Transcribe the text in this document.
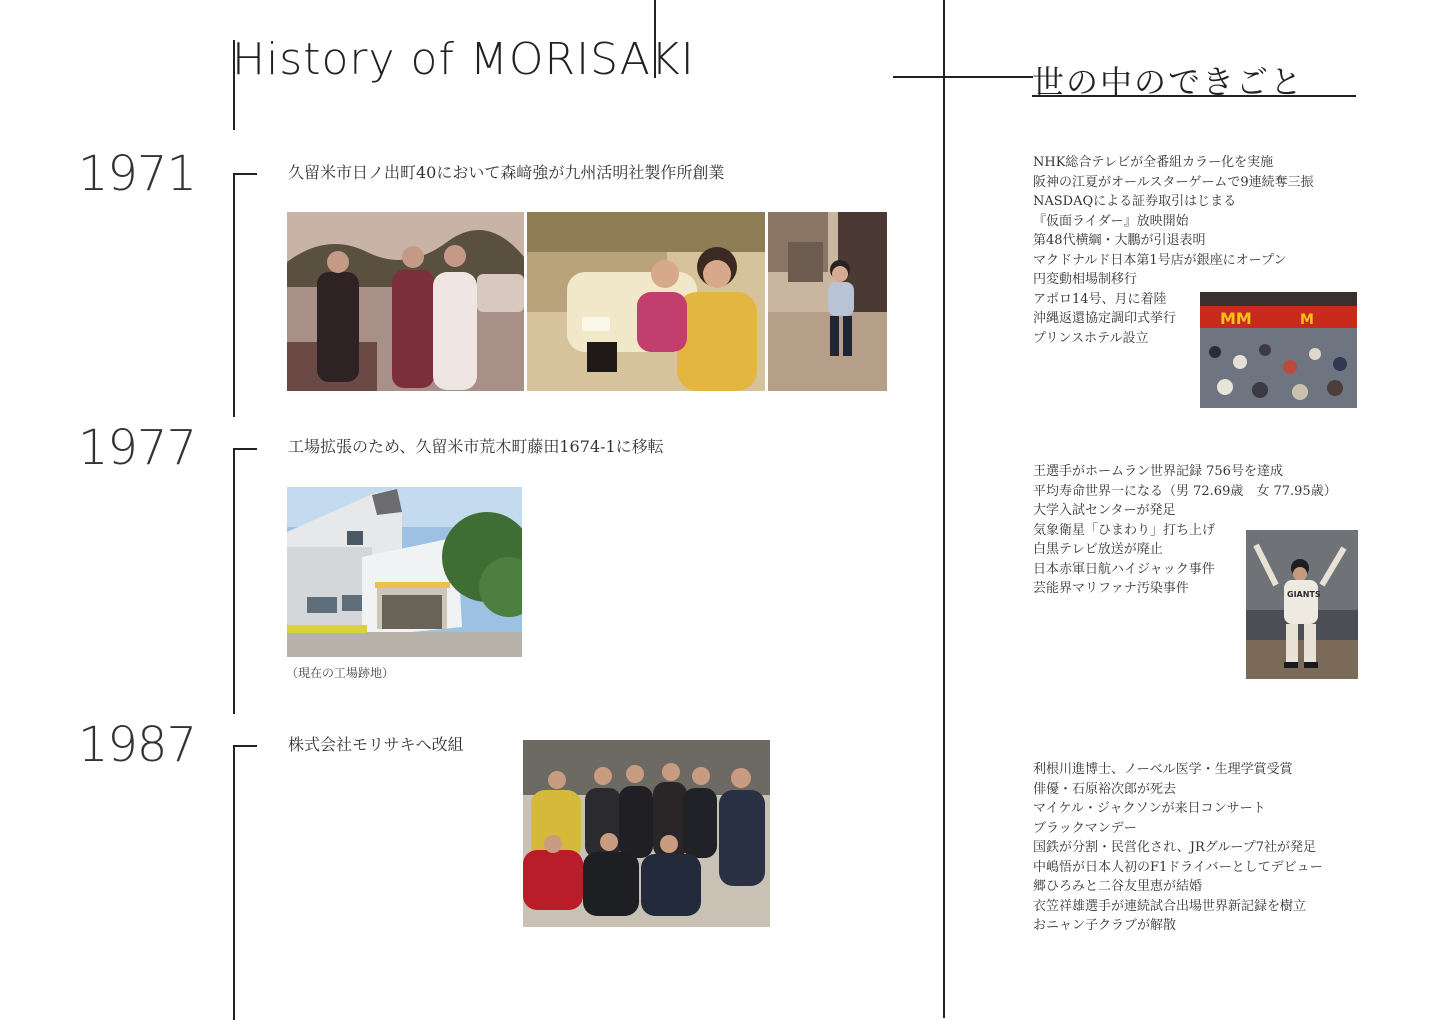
History of MORISAKI	世の中のできごと
1971	久留米市日ノ出町40において森﨑強が九州活明社製作所創業
1977	工場拡張のため、久留米市荒木町藤田1674-1に移転
（現在の工場跡地）
1987	株式会社モリサキへ改組
NHK総合テレビが全番組カラー化を実施
阪神の江夏がオールスターゲームで9連続奪三振
NASDAQによる証券取引はじまる
『仮面ライダー』放映開始
第48代横綱・大鵬が引退表明
マクドナルド日本第1号店が銀座にオープン
円変動相場制移行
アポロ14号、月に着陸
沖縄返還協定調印式挙行
プリンスホテル設立
MM	M
王選手がホームラン世界記録 756号を達成
平均寿命世界一になる（男 72.69歳　女 77.95歳）
大学入試センターが発足
気象衛星「ひまわり」打ち上げ
白黒テレビ放送が廃止
日本赤軍日航ハイジャック事件
芸能界マリファナ汚染事件	GIANTS
利根川進博士、ノーベル医学・生理学賞受賞
俳優・石原裕次郎が死去
マイケル・ジャクソンが来日コンサート
ブラックマンデー
国鉄が分割・民営化され、JRグループ7社が発足
中嶋悟が日本人初のF1ドライバーとしてデビュー
郷ひろみと二谷友里恵が結婚
衣笠祥雄選手が連続試合出場世界新記録を樹立
おニャン子クラブが解散
